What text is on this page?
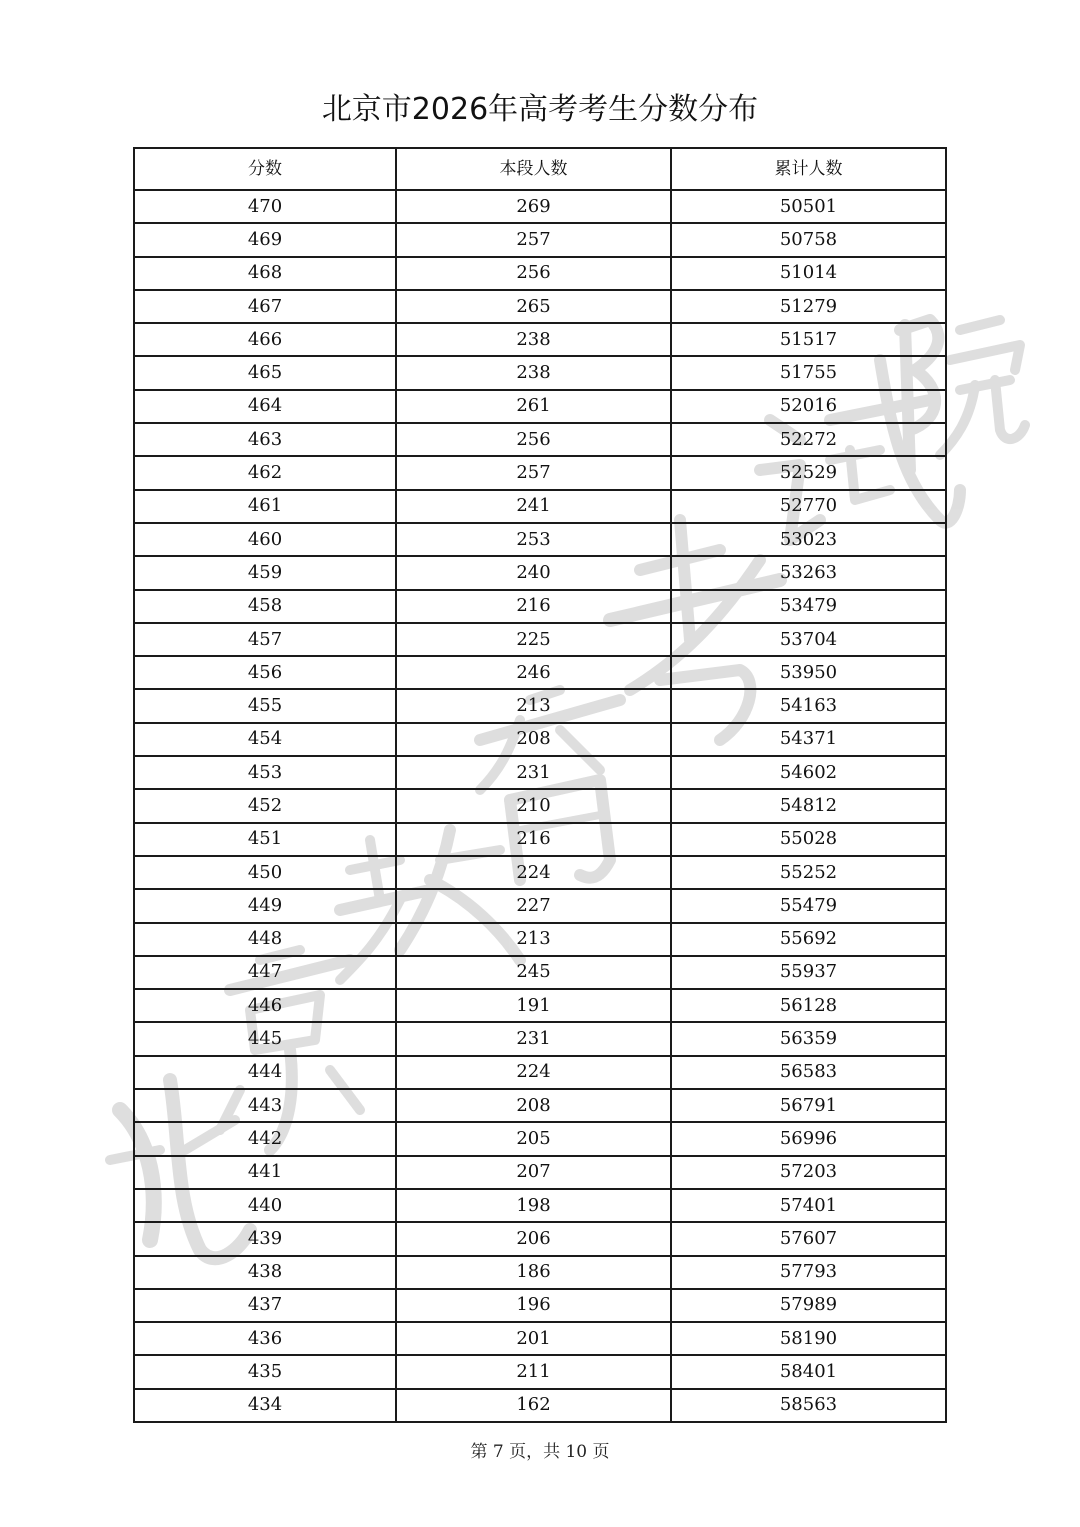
北京市2026年高考考生分数分布
分数	本段人数	累计人数
470	269	50501
469	257	50758
468	256	51014
467	265	51279
466	238	51517
465	238	51755
464	261	52016
463	256	52272
462	257	52529
461	241	52770
460	253	53023
459	240	53263
458	216	53479
457	225	53704
456	246	53950
455	213	54163
454	208	54371
453	231	54602
452	210	54812
451	216	55028
450	224	55252
449	227	55479
448	213	55692
447	245	55937
446	191	56128
445	231	56359
444	224	56583
443	208	56791
442	205	56996
441	207	57203
440	198	57401
439	206	57607
438	186	57793
437	196	57989
436	201	58190
435	211	58401
434	162	58563
第 7 页，共 10 页
